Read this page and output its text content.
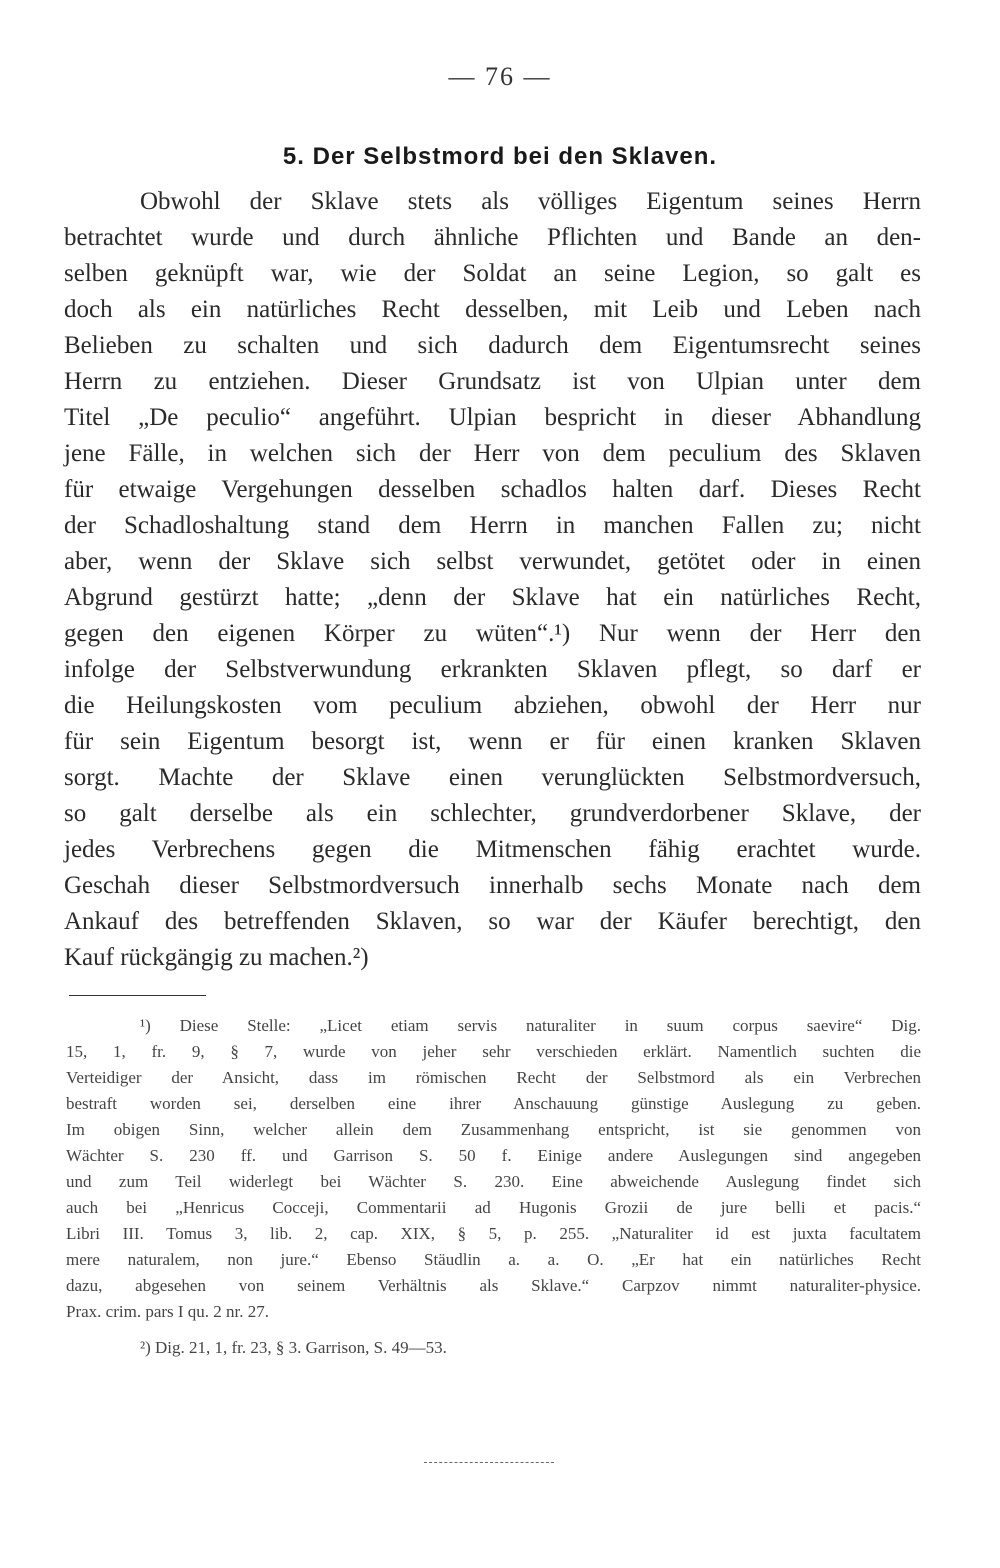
— 76 —
5. Der Selbstmord bei den Sklaven.
Obwohl der Sklave stets als völliges Eigentum seines Herrn
betrachtet wurde und durch ähnliche Pflichten und Bande an den-
selben geknüpft war, wie der Soldat an seine Legion, so galt es
doch als ein natürliches Recht desselben, mit Leib und Leben nach
Belieben zu schalten und sich dadurch dem Eigentumsrecht seines
Herrn zu entziehen. Dieser Grundsatz ist von Ulpian unter dem
Titel „De peculio“ angeführt. Ulpian bespricht in dieser Abhandlung
jene Fälle, in welchen sich der Herr von dem peculium des Sklaven
für etwaige Vergehungen desselben schadlos halten darf. Dieses Recht
der Schadloshaltung stand dem Herrn in manchen Fallen zu; nicht
aber, wenn der Sklave sich selbst verwundet, getötet oder in einen
Abgrund gestürzt hatte; „denn der Sklave hat ein natürliches Recht,
gegen den eigenen Körper zu wüten“.¹) Nur wenn der Herr den
infolge der Selbstverwundung erkrankten Sklaven pflegt, so darf er
die Heilungskosten vom peculium abziehen, obwohl der Herr nur
für sein Eigentum besorgt ist, wenn er für einen kranken Sklaven
sorgt. Machte der Sklave einen verunglückten Selbstmordversuch,
so galt derselbe als ein schlechter, grundverdorbener Sklave, der
jedes Verbrechens gegen die Mitmenschen fähig erachtet wurde.
Geschah dieser Selbstmordversuch innerhalb sechs Monate nach dem
Ankauf des betreffenden Sklaven, so war der Käufer berechtigt, den
Kauf rückgängig zu machen.²)
¹) Diese Stelle: „Licet etiam servis naturaliter in suum corpus saevire“ Dig.
15, 1, fr. 9, § 7, wurde von jeher sehr verschieden erklärt. Namentlich suchten die
Verteidiger der Ansicht, dass im römischen Recht der Selbstmord als ein Verbrechen
bestraft worden sei, derselben eine ihrer Anschauung günstige Auslegung zu geben.
Im obigen Sinn, welcher allein dem Zusammenhang entspricht, ist sie genommen von
Wächter S. 230 ff. und Garrison S. 50 f. Einige andere Auslegungen sind angegeben
und zum Teil widerlegt bei Wächter S. 230. Eine abweichende Auslegung findet sich
auch bei „Henricus Cocceji, Commentarii ad Hugonis Grozii de jure belli et pacis.“
Libri III. Tomus 3, lib. 2, cap. XIX, § 5, p. 255. „Naturaliter id est juxta facultatem
mere naturalem, non jure.“ Ebenso Stäudlin a. a. O. „Er hat ein natürliches Recht
dazu, abgesehen von seinem Verhältnis als Sklave.“ Carpzov nimmt naturaliter-physice.
Prax. crim. pars I qu. 2 nr. 27.
²) Dig. 21, 1, fr. 23, § 3. Garrison, S. 49—53.
